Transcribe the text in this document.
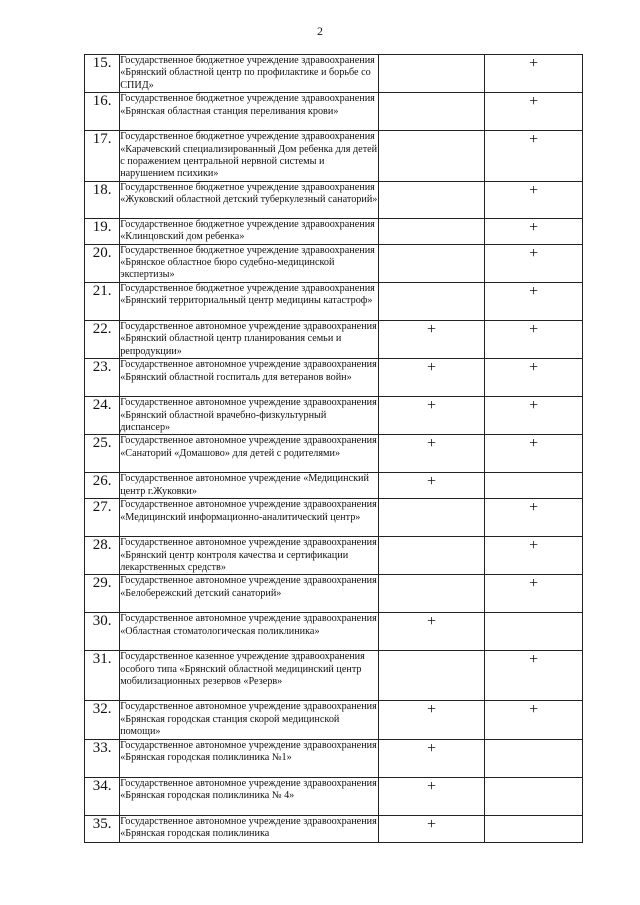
2
15.	Государственное бюджетное учреждение здравоохранения «Брянский областной центр по профилактике и борьбе со СПИД»		+
16.	Государственное бюджетное учреждение здравоохранения «Брянская областная станция переливания крови»		+
17.	Государственное бюджетное учреждение здравоохранения «Карачевский специализированный Дом ребенка для детей с поражением центральной нервной системы и нарушением психики»		+
18.	Государственное бюджетное учреждение здравоохранения «Жуковский областной детский туберкулезный санаторий»		+
19.	Государственное бюджетное учреждение здравоохранения «Клинцовский дом ребенка»		+
20.	Государственное бюджетное учреждение здравоохранения «Брянское областное бюро судебно-медицинской экспертизы»		+
21.	Государственное бюджетное учреждение здравоохранения «Брянский территориальный центр медицины катастроф»		+
22.	Государственное автономное учреждение здравоохранения «Брянский областной центр планирования семьи и репродукции»	+	+
23.	Государственное автономное учреждение здравоохранения «Брянский областной госпиталь для ветеранов войн»	+	+
24.	Государственное автономное учреждение здравоохранения «Брянский областной врачебно-физкультурный диспансер»	+	+
25.	Государственное автономное учреждение здравоохранения «Санаторий «Домашово» для детей с родителями»	+	+
26.	Государственное автономное учреждение «Медицинский центр г.Жуковки»	+	
27.	Государственное автономное учреждение здравоохранения «Медицинский информационно-аналитический центр»		+
28.	Государственное автономное учреждение здравоохранения «Брянский центр контроля качества и сертификации лекарственных средств»		+
29.	Государственное автономное учреждение здравоохранения «Белобережский детский санаторий»		+
30.	Государственное автономное учреждение здравоохранения «Областная стоматологическая поликлиника»	+	
31.	Государственное казенное учреждение здравоохранения особого типа «Брянский областной медицинский центр мобилизационных резервов «Резерв»		+
32.	Государственное автономное учреждение здравоохранения «Брянская городская станция скорой медицинской помощи»	+	+
33.	Государственное автономное учреждение здравоохранения «Брянская городская поликлиника №1»	+	
34.	Государственное автономное учреждение здравоохранения «Брянская городская поликлиника № 4»	+	
35.	Государственное автономное учреждение здравоохранения «Брянская городская поликлиника	+	
